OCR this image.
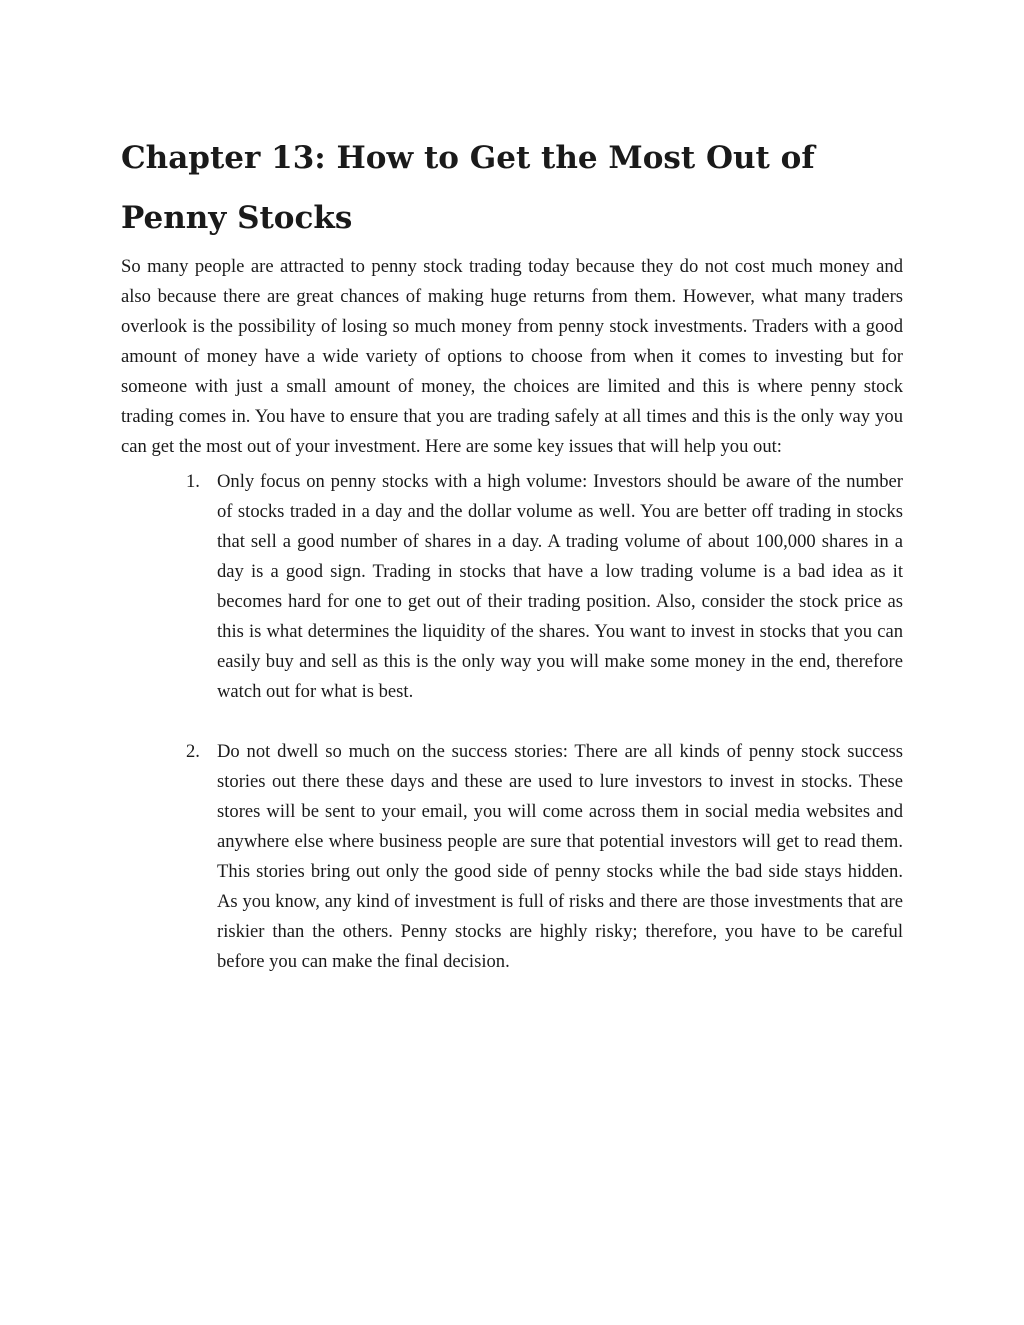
Chapter 13: How to Get the Most Out of Penny Stocks

So many people are attracted to penny stock trading today because they do not cost much money and also because there are great chances of making huge returns from them. However, what many traders overlook is the possibility of losing so much money from penny stock investments. Traders with a good amount of money have a wide variety of options to choose from when it comes to investing but for someone with just a small amount of money, the choices are limited and this is where penny stock trading comes in. You have to ensure that you are trading safely at all times and this is the only way you can get the most out of your investment. Here are some key issues that will help you out:

1. Only focus on penny stocks with a high volume: Investors should be aware of the number of stocks traded in a day and the dollar volume as well. You are better off trading in stocks that sell a good number of shares in a day. A trading volume of about 100,000 shares in a day is a good sign. Trading in stocks that have a low trading volume is a bad idea as it becomes hard for one to get out of their trading position. Also, consider the stock price as this is what determines the liquidity of the shares. You want to invest in stocks that you can easily buy and sell as this is the only way you will make some money in the end, therefore watch out for what is best.
2. Do not dwell so much on the success stories: There are all kinds of penny stock success stories out there these days and these are used to lure investors to invest in stocks. These stores will be sent to your email, you will come across them in social media websites and anywhere else where business people are sure that potential investors will get to read them. This stories bring out only the good side of penny stocks while the bad side stays hidden. As you know, any kind of investment is full of risks and there are those investments that are riskier than the others. Penny stocks are highly risky; therefore, you have to be careful before you can make the final decision.
